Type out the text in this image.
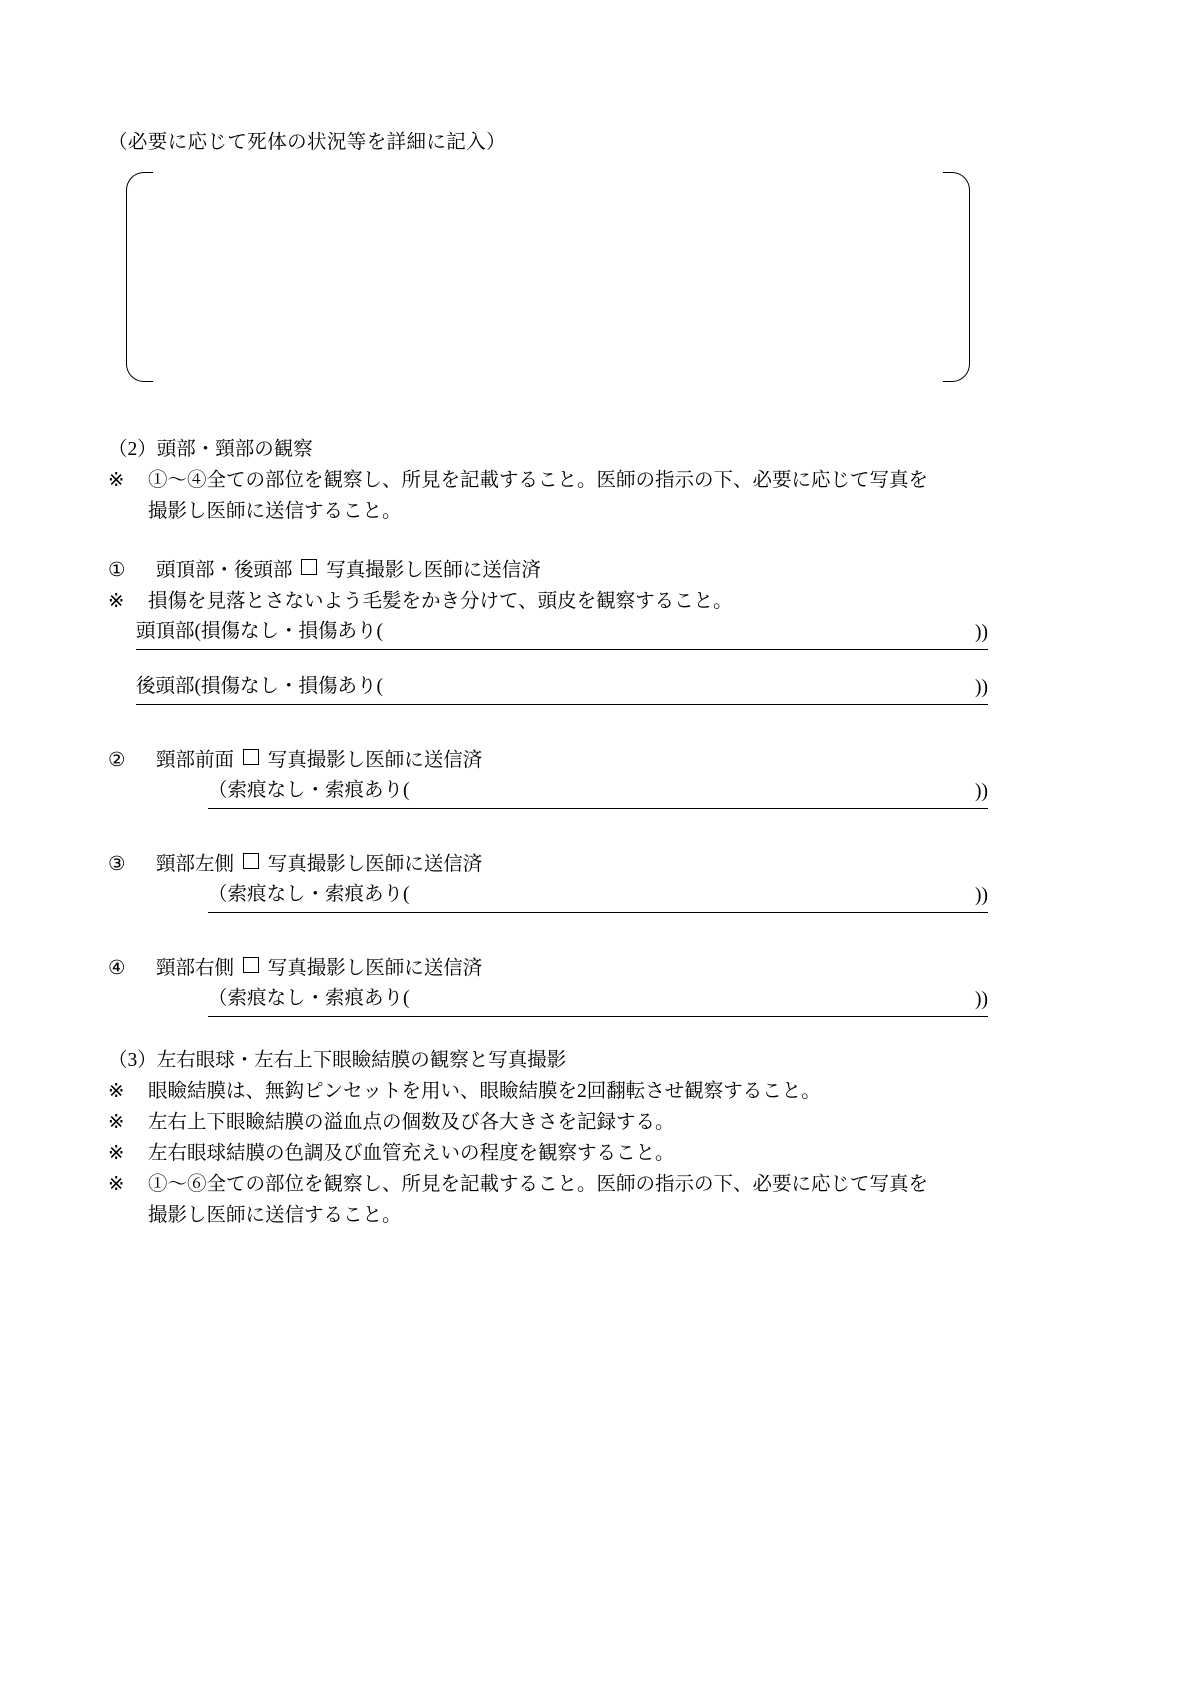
（必要に応じて死体の状況等を詳細に記入）
（2）頭部・頸部の観察
※ ①～④全ての部位を観察し、所見を記載すること。医師の指示の下、必要に応じて写真を
撮影し医師に送信すること。
① 頭頂部・後頭部 写真撮影し医師に送信済
※ 損傷を見落とさないよう毛髪をかき分けて、頭皮を観察すること。
頭頂部(損傷なし・損傷あり(	))
後頭部(損傷なし・損傷あり(	))
② 頸部前面 写真撮影し医師に送信済
（索痕なし・索痕あり(	))
③ 頸部左側 写真撮影し医師に送信済
（索痕なし・索痕あり(	))
④ 頸部右側 写真撮影し医師に送信済
（索痕なし・索痕あり(	))
（3）左右眼球・左右上下眼瞼結膜の観察と写真撮影
※ 眼瞼結膜は、無鈎ピンセットを用い、眼瞼結膜を2回翻転させ観察すること。
※ 左右上下眼瞼結膜の溢血点の個数及び各大きさを記録する。
※ 左右眼球結膜の色調及び血管充えいの程度を観察すること。
※ ①～⑥全ての部位を観察し、所見を記載すること。医師の指示の下、必要に応じて写真を
撮影し医師に送信すること。
